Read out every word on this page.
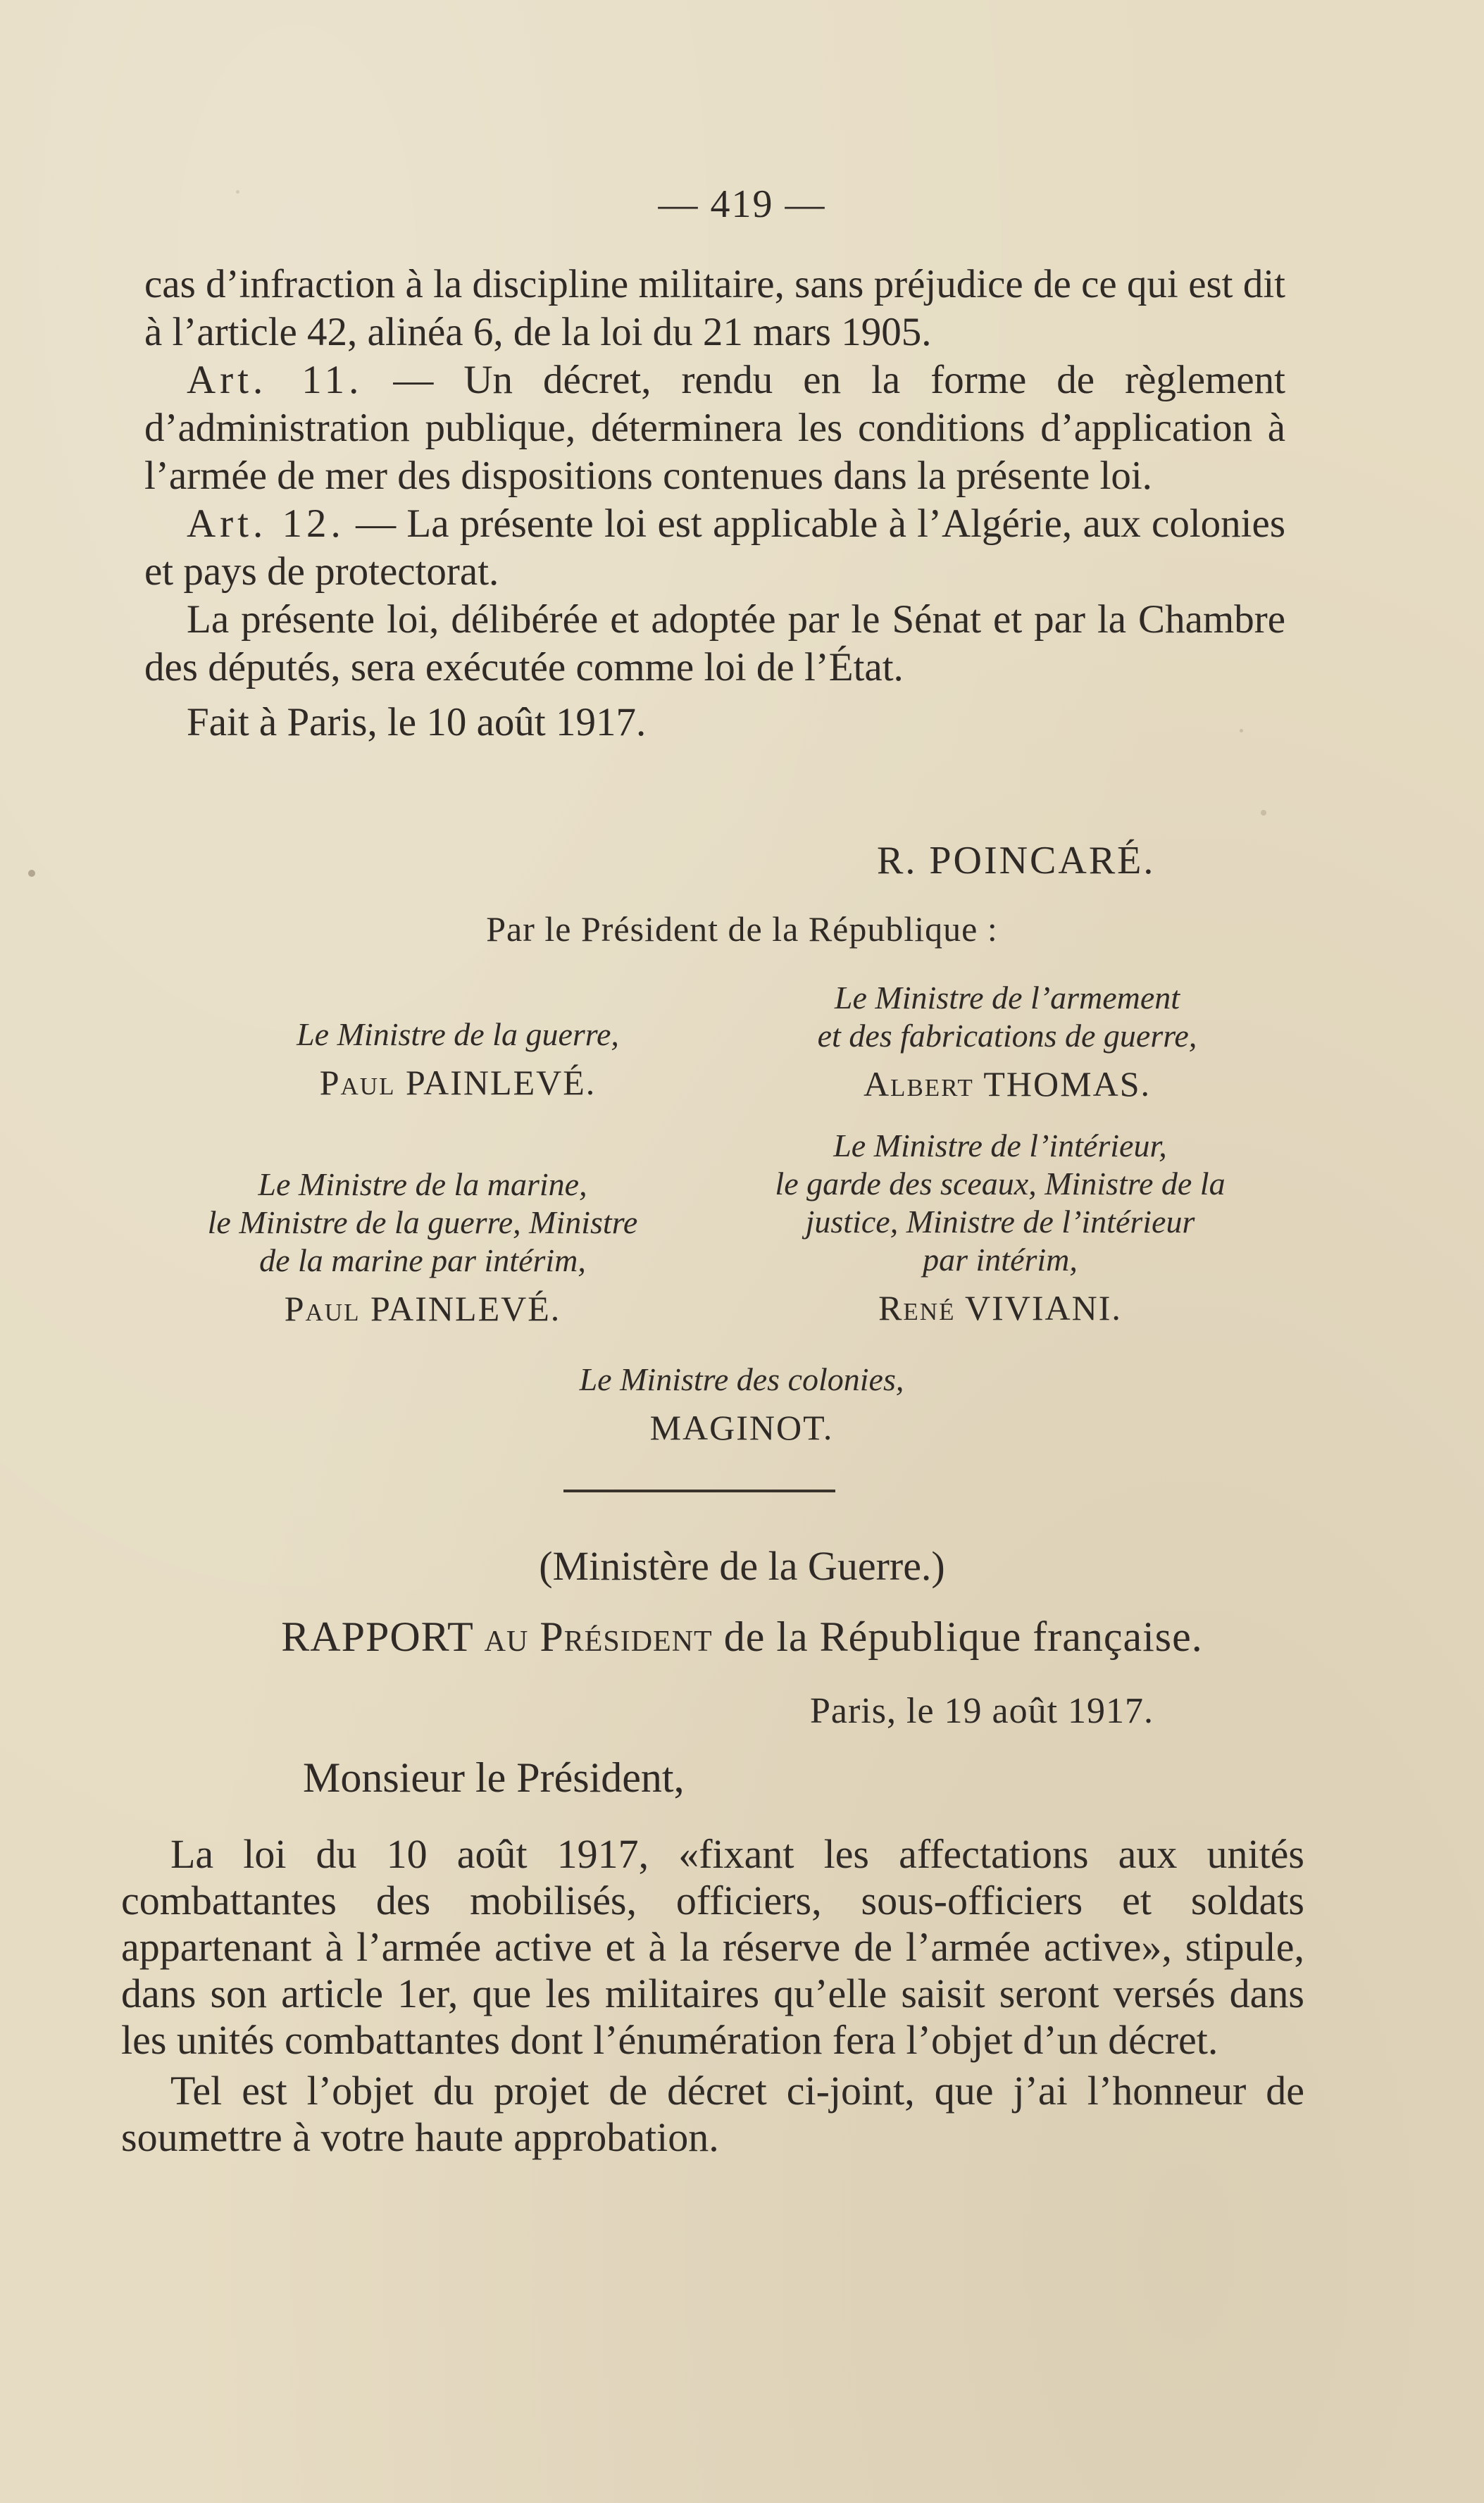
— 419 —

cas d’infraction à la discipline militaire, sans préjudice de ce qui est dit à l’article 42, alinéa 6, de la loi du 21 mars 1905.

Art. 11. — Un décret, rendu en la forme de règlement d’administration publique, déterminera les conditions d’application à l’armée de mer des dispositions contenues dans la présente loi.

Art. 12. — La présente loi est applicable à l’Algérie, aux colonies et pays de protectorat.

La présente loi, délibérée et adoptée par le Sénat et par la Chambre des députés, sera exécutée comme loi de l’État.

Fait à Paris, le 10 août 1917.

R. POINCARÉ.
Par le Président de la République :
Le Ministre de la guerre,
Paul PAINLEVÉ.
Le Ministre de l’armement
et des fabrications de guerre,
Albert THOMAS.
Le Ministre de la marine,
le Ministre de la guerre, Ministre
de la marine par intérim,
Paul PAINLEVÉ.
Le Ministre de l’intérieur,
le garde des sceaux, Ministre de la
justice, Ministre de l’intérieur
par intérim,
René VIVIANI.
Le Ministre des colonies,
MAGINOT.
(Ministère de la Guerre.)
RAPPORT au Président de la République française.
Paris, le 19 août 1917.
Monsieur le Président,

La loi du 10 août 1917, «fixant les affectations aux unités combattantes des mobilisés, officiers, sous-officiers et soldats appartenant à l’armée active et à la réserve de l’armée active», stipule, dans son article 1er, que les militaires qu’elle saisit seront versés dans les unités combattantes dont l’énumération fera l’objet d’un décret.

Tel est l’objet du projet de décret ci-joint, que j’ai l’honneur de soumettre à votre haute approbation.
